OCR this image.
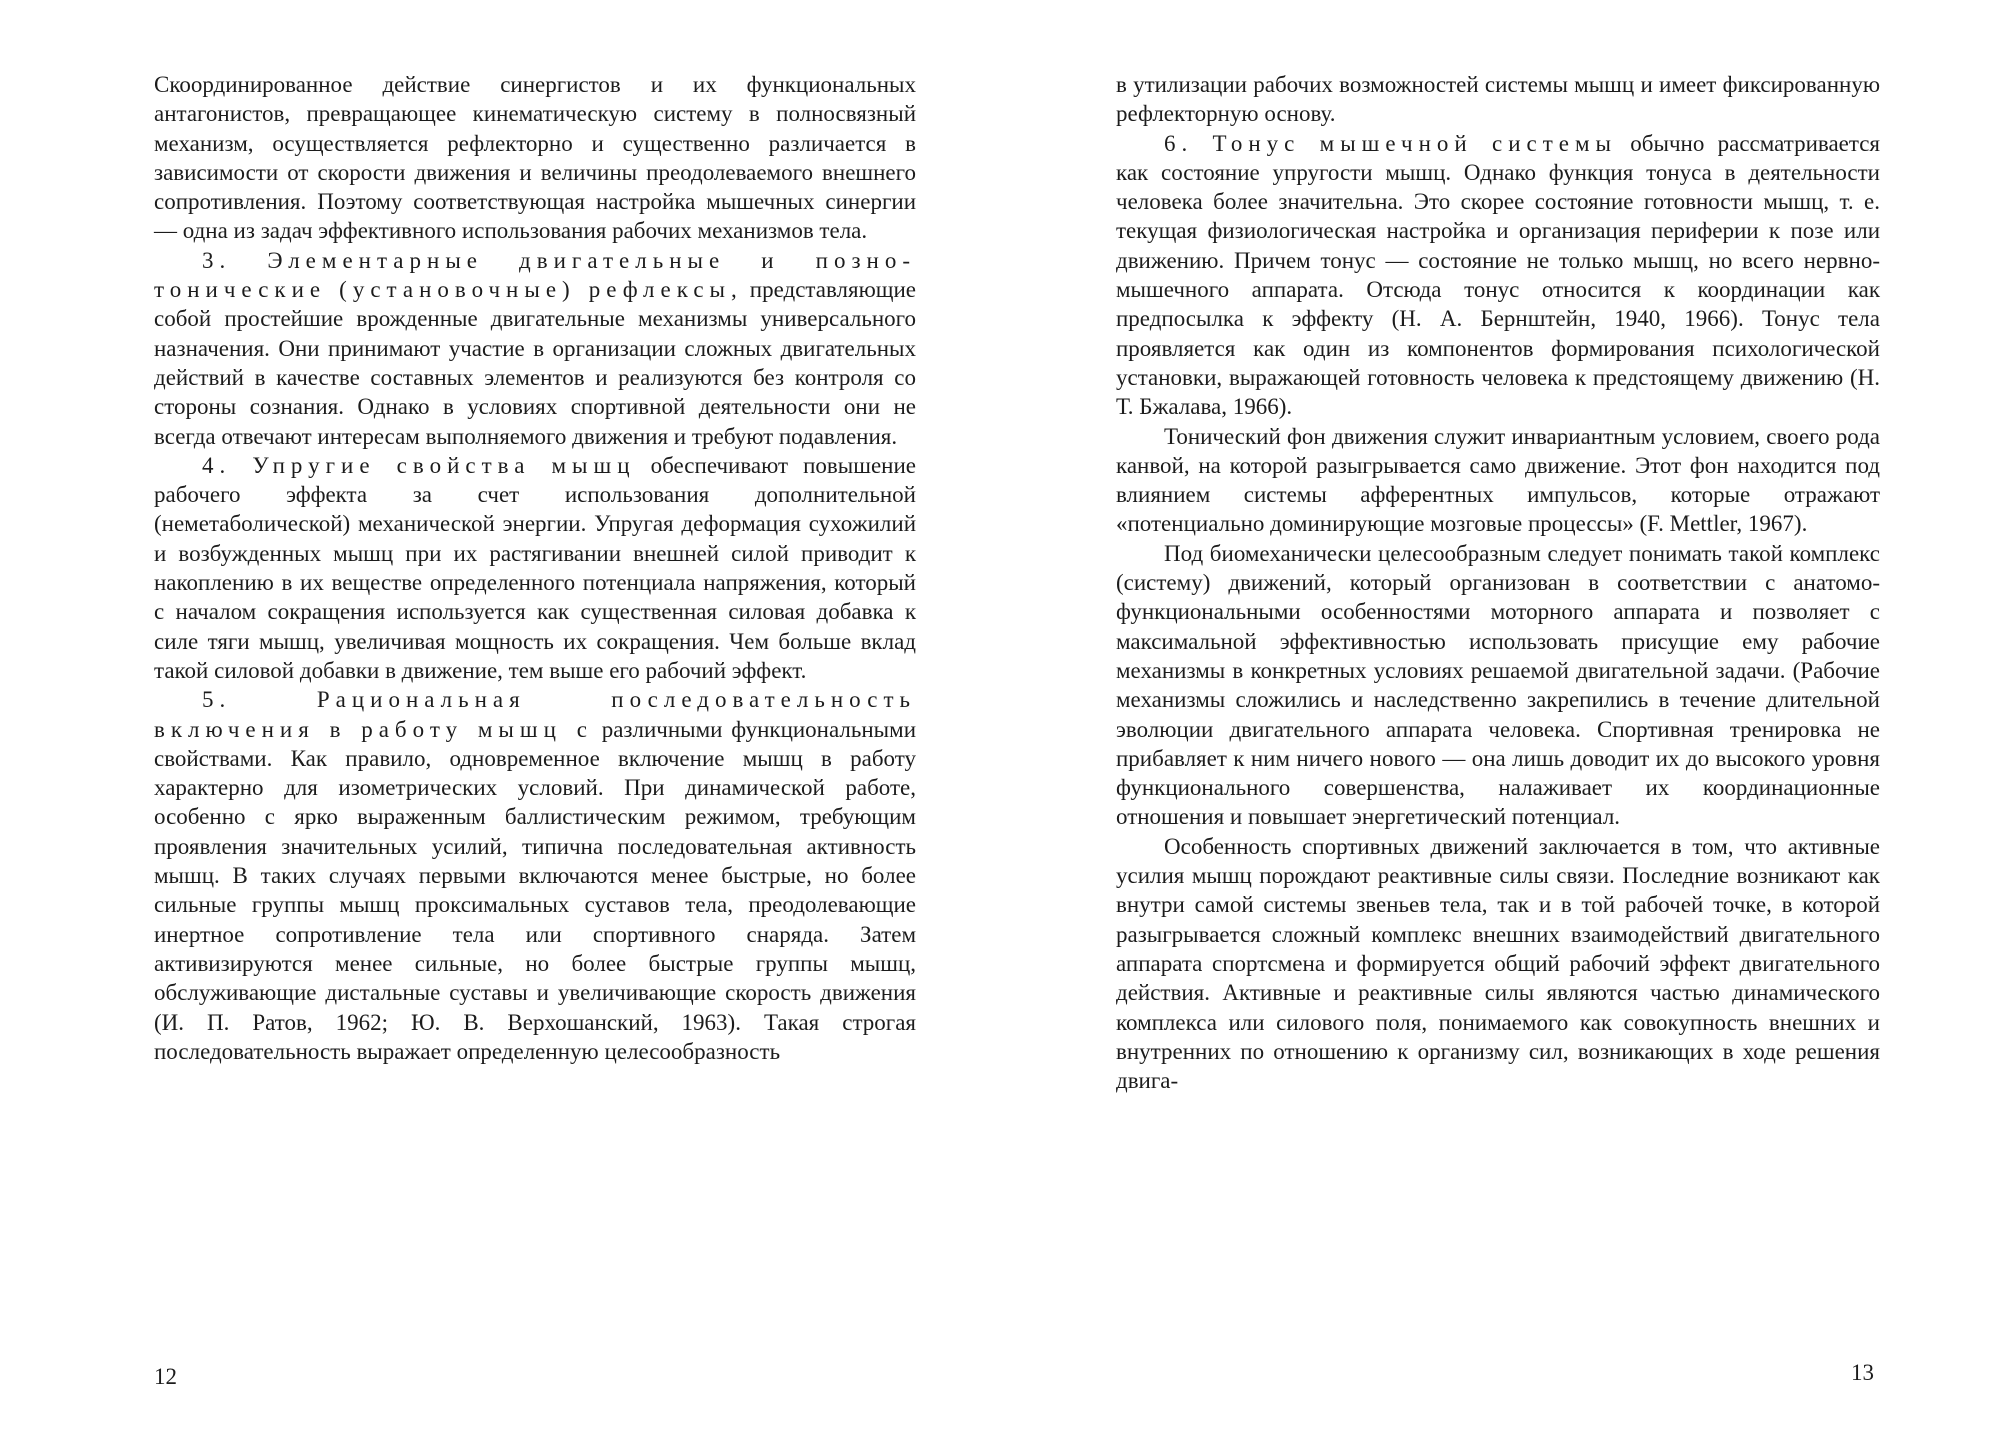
Скоординированное действие синергистов и их функциональных антагонистов, превращающее кинематическую систему в полносвязный механизм, осуществляется рефлекторно и существенно различается в зависимости от скорости движения и величины преодолеваемого внешнего сопротивления. Поэтому соответствующая настройка мышечных синергии — одна из задач эффективного использования рабочих механизмов тела.

3. Элементарные двигательные и позно-тонические (установочные) рефлексы, представляющие собой простейшие врожденные двигательные механизмы универсального назначения. Они принимают участие в организации сложных двигательных действий в качестве составных элементов и реализуются без контроля со стороны сознания. Однако в условиях спортивной деятельности они не всегда отвечают интересам выполняемого движения и требуют подавления.

4. Упругие свойства мышц обеспечивают повышение рабочего эффекта за счет использования дополнительной (неметаболической) механической энергии. Упругая деформация сухожилий и возбужденных мышц при их растягивании внешней силой приводит к накоплению в их веществе определенного потенциала напряжения, который с началом сокращения используется как существенная силовая добавка к силе тяги мышц, увеличивая мощность их сокращения. Чем больше вклад такой силовой добавки в движение, тем выше его рабочий эффект.

5. Рациональная последовательность включения в работу мышц с различными функциональными свойствами. Как правило, одновременное включение мышц в работу характерно для изометрических условий. При динамической работе, особенно с ярко выраженным баллистическим режимом, требующим проявления значительных усилий, типична последовательная активность мышц. В таких случаях первыми включаются менее быстрые, но более сильные группы мышц проксимальных суставов тела, преодолевающие инертное сопротивление тела или спортивного снаряда. Затем активизируются менее сильные, но более быстрые группы мышц, обслуживающие дистальные суставы и увеличивающие скорость движения (И. П. Ратов, 1962; Ю. В. Верхошанский, 1963). Такая строгая последовательность выражает определенную целесообразность

12

в утилизации рабочих возможностей системы мышц и имеет фиксированную рефлекторную основу.

6. Тонус мышечной системы обычно рассматривается как состояние упругости мышц. Однако функция тонуса в деятельности человека более значительна. Это скорее состояние готовности мышц, т. е. текущая физиологическая настройка и организация периферии к позе или движению. Причем тонус — состояние не только мышц, но всего нервно-мышечного аппарата. Отсюда тонус относится к координации как предпосылка к эффекту (Н. А. Бернштейн, 1940, 1966). Тонус тела проявляется как один из компонентов формирования психологической установки, выражающей готовность человека к предстоящему движению (Н. Т. Бжалава, 1966).

Тонический фон движения служит инвариантным условием, своего рода канвой, на которой разыгрывается само движение. Этот фон находится под влиянием системы афферентных импульсов, которые отражают «потенциально доминирующие мозговые процессы» (F. Mettler, 1967).

Под биомеханически целесообразным следует понимать такой комплекс (систему) движений, который организован в соответствии с анатомо-функциональными особенностями моторного аппарата и позволяет с максимальной эффективностью использовать присущие ему рабочие механизмы в конкретных условиях решаемой двигательной задачи. (Рабочие механизмы сложились и наследственно закрепились в течение длительной эволюции двигательного аппарата человека. Спортивная тренировка не прибавляет к ним ничего нового — она лишь доводит их до высокого уровня функционального совершенства, налаживает их координационные отношения и повышает энергетический потенциал.

Особенность спортивных движений заключается в том, что активные усилия мышц порождают реактивные силы связи. Последние возникают как внутри самой системы звеньев тела, так и в той рабочей точке, в которой разыгрывается сложный комплекс внешних взаимодействий двигательного аппарата спортсмена и формируется общий рабочий эффект двигательного действия. Активные и реактивные силы являются частью динамического комплекса или силового поля, понимаемого как совокупность внешних и внутренних по отношению к организму сил, возникающих в ходе решения двига-

13
